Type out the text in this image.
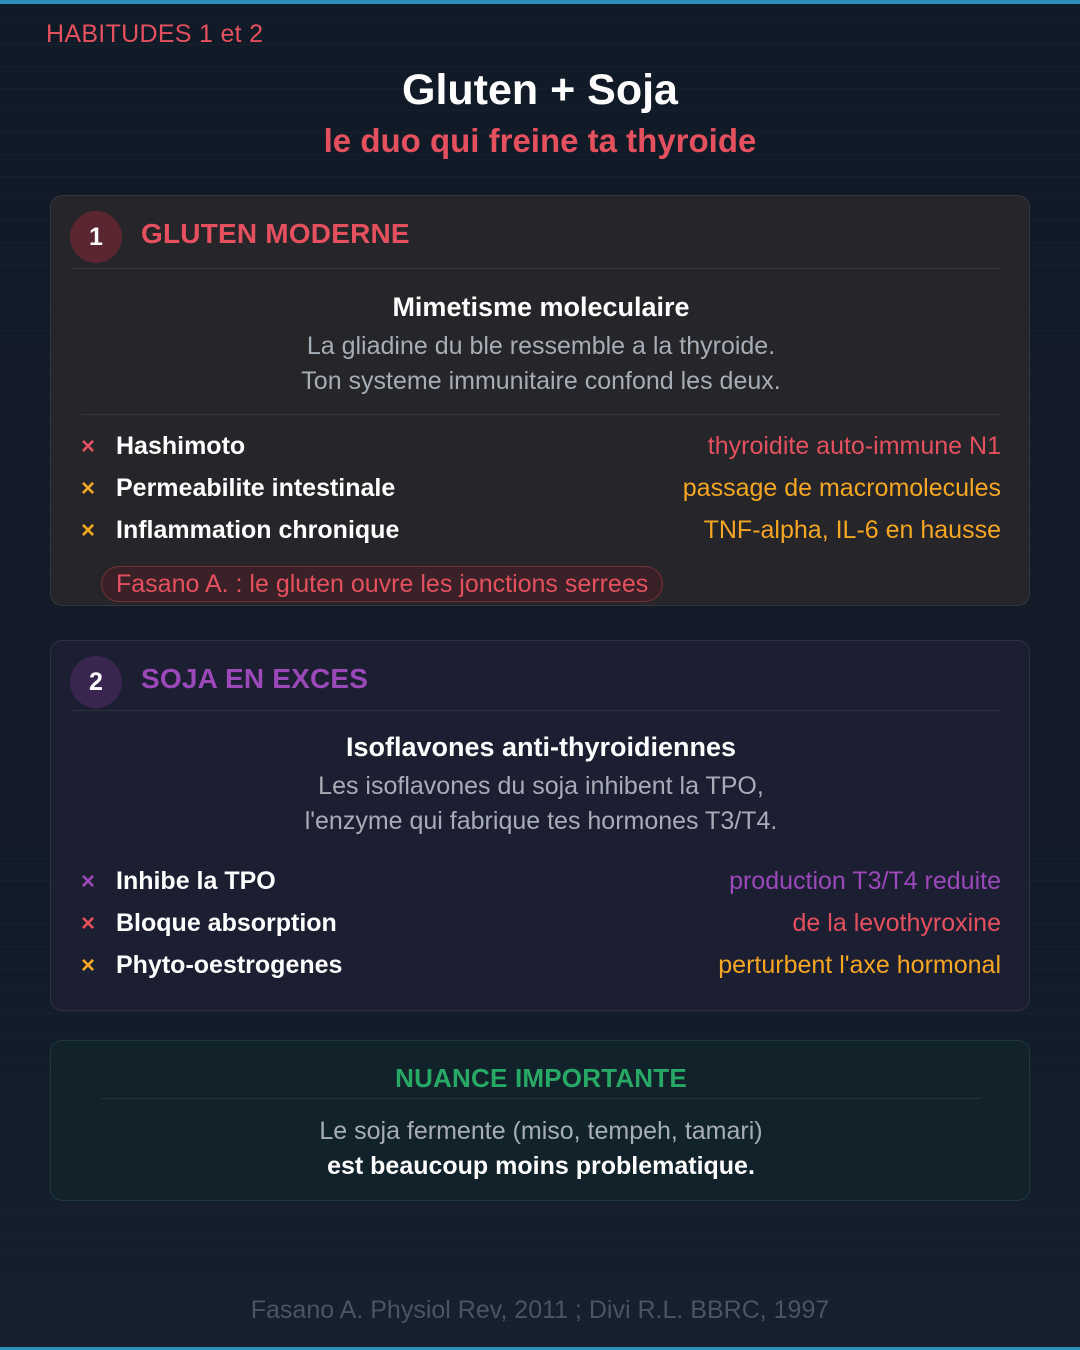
HABITUDES 1 et 2
Gluten + Soja
le duo qui freine ta thyroide
1	GLUTEN MODERNE
Mimetisme moleculaire
La gliadine du ble ressemble a la thyroide.
Ton systeme immunitaire confond les deux.
× Hashimoto	thyroidite auto-immune N1
× Permeabilite intestinale	passage de macromolecules
× Inflammation chronique	TNF-alpha, IL-6 en hausse
Fasano A. : le gluten ouvre les jonctions serrees
2	SOJA EN EXCES
Isoflavones anti-thyroidiennes
Les isoflavones du soja inhibent la TPO,
l'enzyme qui fabrique tes hormones T3/T4.
× Inhibe la TPO	production T3/T4 reduite
× Bloque absorption	de la levothyroxine
× Phyto-oestrogenes	perturbent l'axe hormonal
NUANCE IMPORTANTE
Le soja fermente (miso, tempeh, tamari)
est beaucoup moins problematique.
Fasano A. Physiol Rev, 2011 ; Divi R.L. BBRC, 1997
